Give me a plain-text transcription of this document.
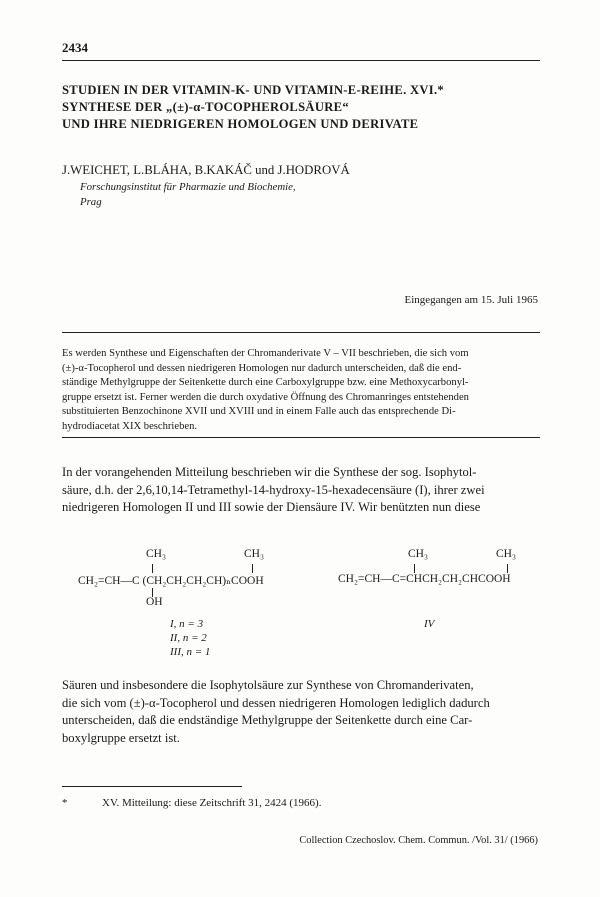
2434
STUDIEN IN DER VITAMIN-K- UND VITAMIN-E-REIHE. XVI.*
SYNTHESE DER „(±)-α-TOCOPHEROLSÄURE“
UND IHRE NIEDRIGEREN HOMOLOGEN UND DERIVATE
J.WEICHET, L.BLÁHA, B.KAKÁČ und J.HODROVÁ
Forschungsinstitut für Pharmazie und Biochemie,
Prag
Eingegangen am 15. Juli 1965
Es werden Synthese und Eigenschaften der Chromanderivate V – VII beschrieben, die sich vom
(±)-α-Tocopherol und dessen niedrigeren Homologen nur dadurch unterscheiden, daß die end-
ständige Methylgruppe der Seitenkette durch eine Carboxylgruppe bzw. eine Methoxycarbonyl-
gruppe ersetzt ist. Ferner werden die durch oxydative Öffnung des Chromanringes entstehenden
substituierten Benzochinone XVII und XVIII und in einem Falle auch das entsprechende Di-
hydrodiacetat XIX beschrieben.
In der vorangehenden Mitteilung beschrieben wir die Synthese der sog. Isophytol-
säure, d.h. der 2,6,10,14-Tetramethyl-14-hydroxy-15-hexadecensäure (I), ihrer zwei
niedrigeren Homologen II und III sowie der Diensäure IV. Wir benützten nun diese
CH₃	CH₃
CH₂=CH—C (CH₂CH₂CH₂CH)ₙCOOH
OH
I, n = 3
II, n = 2
III, n = 1
CH₃	CH₃
CH₂=CH—C=CHCH₂CH₂CHCOOH
IV
Säuren und insbesondere die Isophytolsäure zur Synthese von Chromanderivaten,
die sich vom (±)-α-Tocopherol und dessen niedrigeren Homologen lediglich dadurch
unterscheiden, daß die endständige Methylgruppe der Seitenkette durch eine Car-
boxylgruppe ersetzt ist.
*	XV. Mitteilung: diese Zeitschrift 31, 2424 (1966).
Collection Czechoslov. Chem. Commun. /Vol. 31/ (1966)
